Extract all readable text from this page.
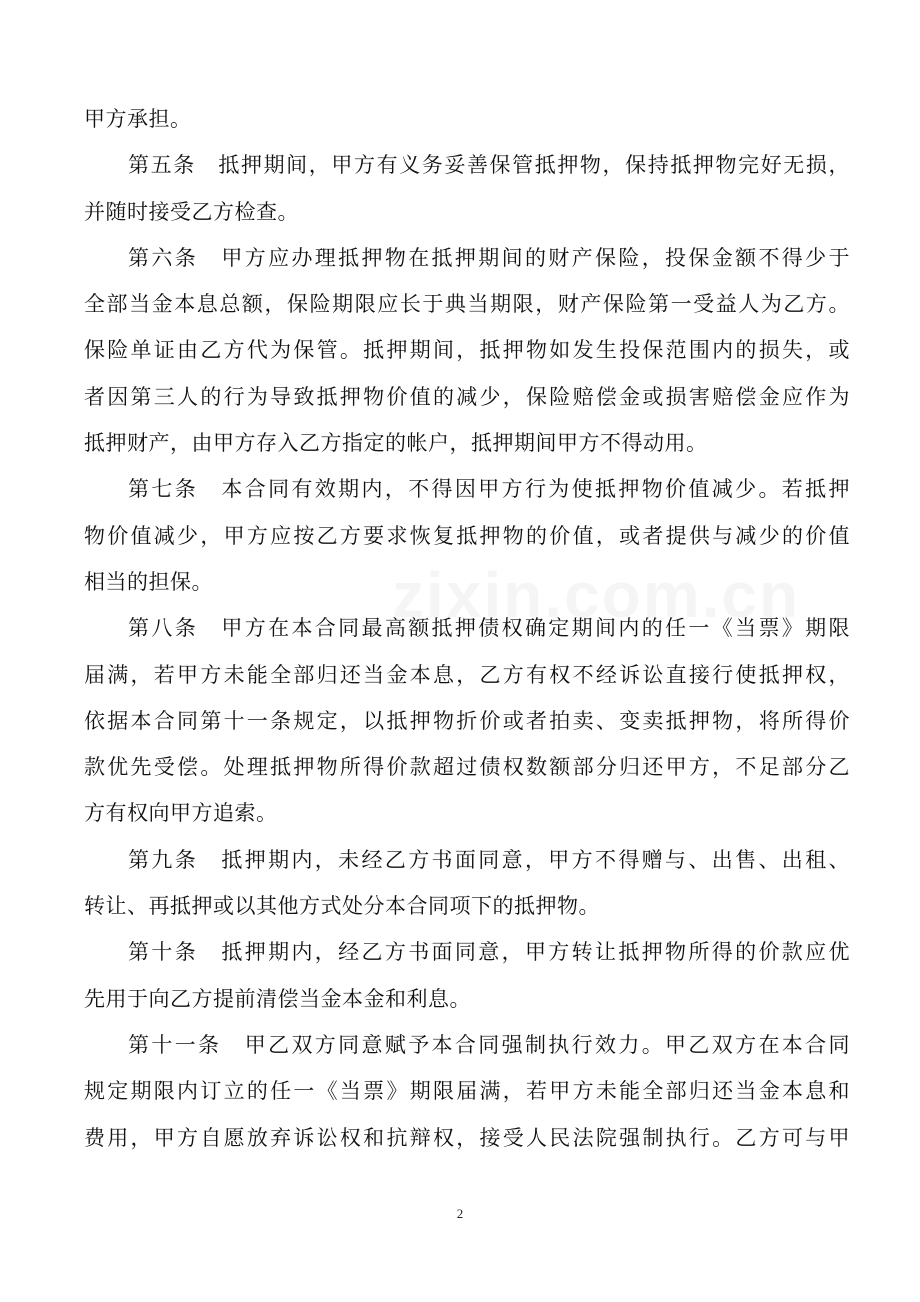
甲方承担。
第五条　抵押期间，甲方有义务妥善保管抵押物，保持抵押物完好无损，
并随时接受乙方检查。
第六条　甲方应办理抵押物在抵押期间的财产保险，投保金额不得少于
全部当金本息总额，保险期限应长于典当期限，财产保险第一受益人为乙方。
保险单证由乙方代为保管。抵押期间，抵押物如发生投保范围内的损失，或
者因第三人的行为导致抵押物价值的减少，保险赔偿金或损害赔偿金应作为
抵押财产，由甲方存入乙方指定的帐户，抵押期间甲方不得动用。
第七条　本合同有效期内，不得因甲方行为使抵押物价值减少。若抵押
物价值减少，甲方应按乙方要求恢复抵押物的价值，或者提供与减少的价值
相当的担保。
第八条　甲方在本合同最高额抵押债权确定期间内的任一《当票》期限
届满，若甲方未能全部归还当金本息，乙方有权不经诉讼直接行使抵押权，
依据本合同第十一条规定，以抵押物折价或者拍卖、变卖抵押物，将所得价
款优先受偿。处理抵押物所得价款超过债权数额部分归还甲方，不足部分乙
方有权向甲方追索。
第九条　抵押期内，未经乙方书面同意，甲方不得赠与、出售、出租、
转让、再抵押或以其他方式处分本合同项下的抵押物。
第十条　抵押期内，经乙方书面同意，甲方转让抵押物所得的价款应优
先用于向乙方提前清偿当金本金和利息。
第十一条　甲乙双方同意赋予本合同强制执行效力。甲乙双方在本合同
规定期限内订立的任一《当票》期限届满，若甲方未能全部归还当金本息和
费用，甲方自愿放弃诉讼权和抗辩权，接受人民法院强制执行。乙方可与甲
2
